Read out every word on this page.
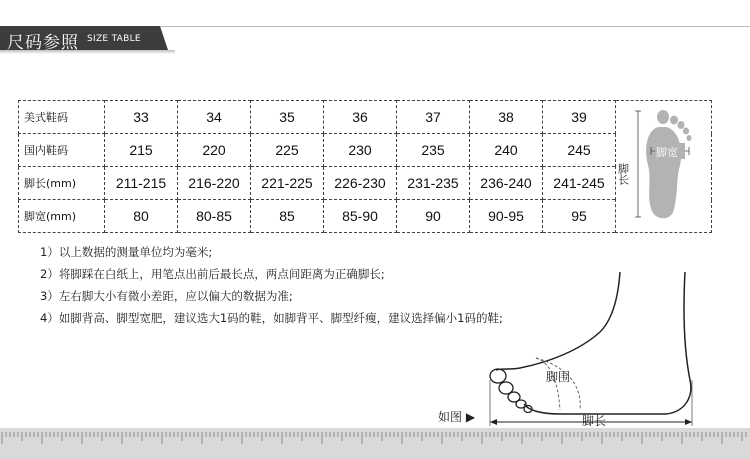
尺码参照 SIZE TABLE
美式鞋码	33	34	35	36	37	38	39	脚长
脚宽

国内鞋码	215	220	225	230	235	240	245	
脚长(mm)	211-215	216-220	221-225	226-230	231-235	236-240	241-245	
脚宽(mm)	80	80-85	85	85-90	90	90-95	95	
1）以上数据的测量单位均为毫米;
2）将脚踩在白纸上，用笔点出前后最长点，两点间距离为正确脚长;
3）左右脚大小有微小差距，应以偏大的数据为准;
4）如脚背高、脚型宽肥，建议选大1码的鞋，如脚背平、脚型纤瘦，建议选择偏小1码的鞋;
如图 ▶
脚围
脚长
